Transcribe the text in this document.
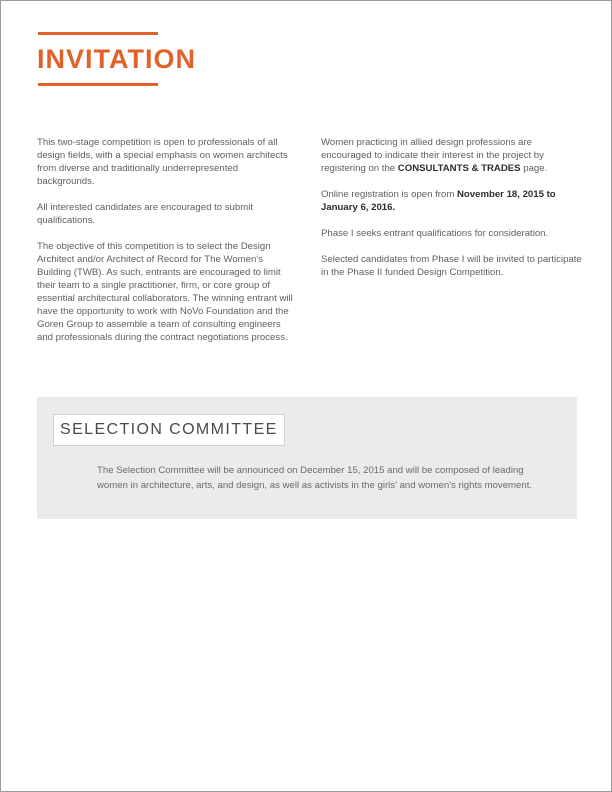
INVITATION

This two-stage competition is open to professionals of all design fields, with a special emphasis on women architects from diverse and traditionally underrepresented backgrounds.

All interested candidates are encouraged to submit qualifications.

The objective of this competition is to select the Design Architect and/or Architect of Record for The Women's Building (TWB). As such, entrants are encouraged to limit their team to a single practitioner, firm, or core group of essential architectural collaborators. The winning entrant will have the opportunity to work with NoVo Foundation and the Goren Group to assemble a team of consulting engineers and professionals during the contract negotiations process.

Women practicing in allied design professions are encouraged to indicate their interest in the project by registering on the CONSULTANTS & TRADES page.

Online registration is open from November 18, 2015 to January 6, 2016.

Phase I seeks entrant qualifications for consideration.

Selected candidates from Phase I will be invited to participate in the Phase II funded Design Competition.

SELECTION COMMITTEE

The Selection Committee will be announced on December 15, 2015 and will be composed of leading women in architecture, arts, and design, as well as activists in the girls' and women's rights movement.
